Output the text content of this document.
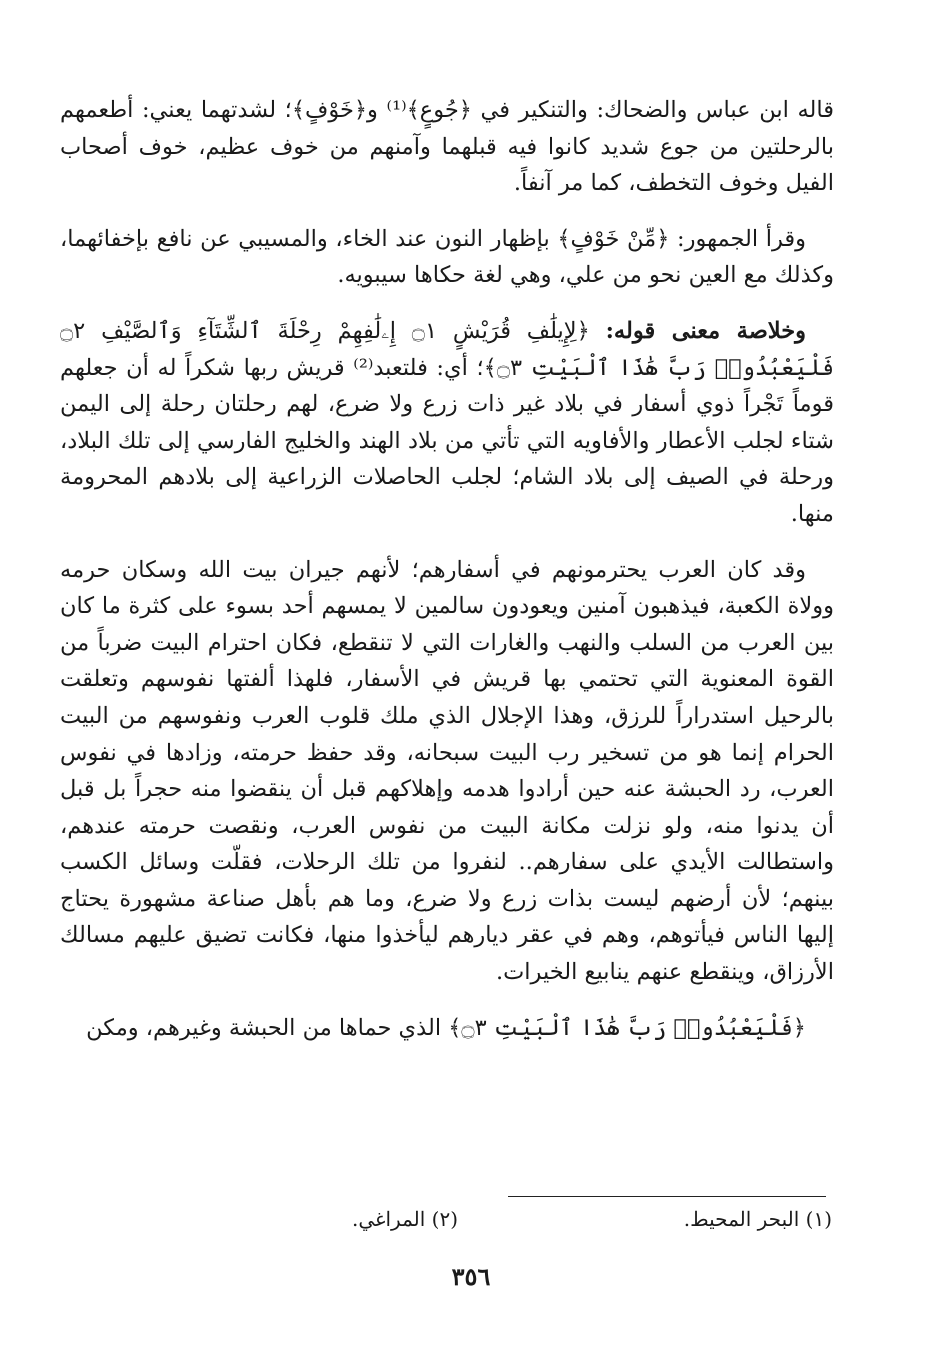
قاله ابن عباس والضحاك: والتنكير في ﴿جُوعٍ﴾⁽¹⁾ و﴿خَوْفٍ﴾؛ لشدتهما يعني: أطعمهم بالرحلتين من جوع شديد كانوا فيه قبلهما وآمنهم من خوف عظيم، خوف أصحاب الفيل وخوف التخطف، كما مر آنفاً.

وقرأ الجمهور: ﴿مِّنْ خَوْفٍ﴾ بإظهار النون عند الخاء، والمسيبي عن نافع بإخفائهما، وكذلك مع العين نحو من علي، وهي لغة حكاها سيبويه.

وخلاصة معنى قوله: ﴿لِإِيلَٰفِ قُرَيْشٍ ۝١ إِۦلَٰفِهِمْ رِحْلَةَ ٱلشِّتَآءِ وَٱلصَّيْفِ ۝٢ فَلْيَعْبُدُوا۟ رَبَّ هَٰذَا ٱلْبَيْتِ ۝٣﴾؛ أي: فلتعبد⁽²⁾ قريش ربها شكراً له أن جعلهم قوماً تَجْراً ذوي أسفار في بلاد غير ذات زرع ولا ضرع، لهم رحلتان رحلة إلى اليمن شتاء لجلب الأعطار والأفاويه التي تأتي من بلاد الهند والخليج الفارسي إلى تلك البلاد، ورحلة في الصيف إلى بلاد الشام؛ لجلب الحاصلات الزراعية إلى بلادهم المحرومة منها.

وقد كان العرب يحترمونهم في أسفارهم؛ لأنهم جيران بيت الله وسكان حرمه وولاة الكعبة، فيذهبون آمنين ويعودون سالمين لا يمسهم أحد بسوء على كثرة ما كان بين العرب من السلب والنهب والغارات التي لا تنقطع، فكان احترام البيت ضرباً من القوة المعنوية التي تحتمي بها قريش في الأسفار، فلهذا ألفتها نفوسهم وتعلقت بالرحيل استدراراً للرزق، وهذا الإجلال الذي ملك قلوب العرب ونفوسهم من البيت الحرام إنما هو من تسخير رب البيت سبحانه، وقد حفظ حرمته، وزادها في نفوس العرب، رد الحبشة عنه حين أرادوا هدمه وإهلاكهم قبل أن ينقضوا منه حجراً بل قبل أن يدنوا منه، ولو نزلت مكانة البيت من نفوس العرب، ونقصت حرمته عندهم، واستطالت الأيدي على سفارهم.. لنفروا من تلك الرحلات، فقلّت وسائل الكسب بينهم؛ لأن أرضهم ليست بذات زرع ولا ضرع، وما هم بأهل صناعة مشهورة يحتاج إليها الناس فيأتوهم، وهم في عقر ديارهم ليأخذوا منها، فكانت تضيق عليهم مسالك الأرزاق، وينقطع عنهم ينابيع الخيرات.

﴿فَلْيَعْبُدُوا۟ رَبَّ هَٰذَا ٱلْبَيْتِ ۝٣﴾ الذي حماها من الحبشة وغيرهم، ومكن

(١) البحر المحيط.
(٢) المراغي.
٣٥٦
